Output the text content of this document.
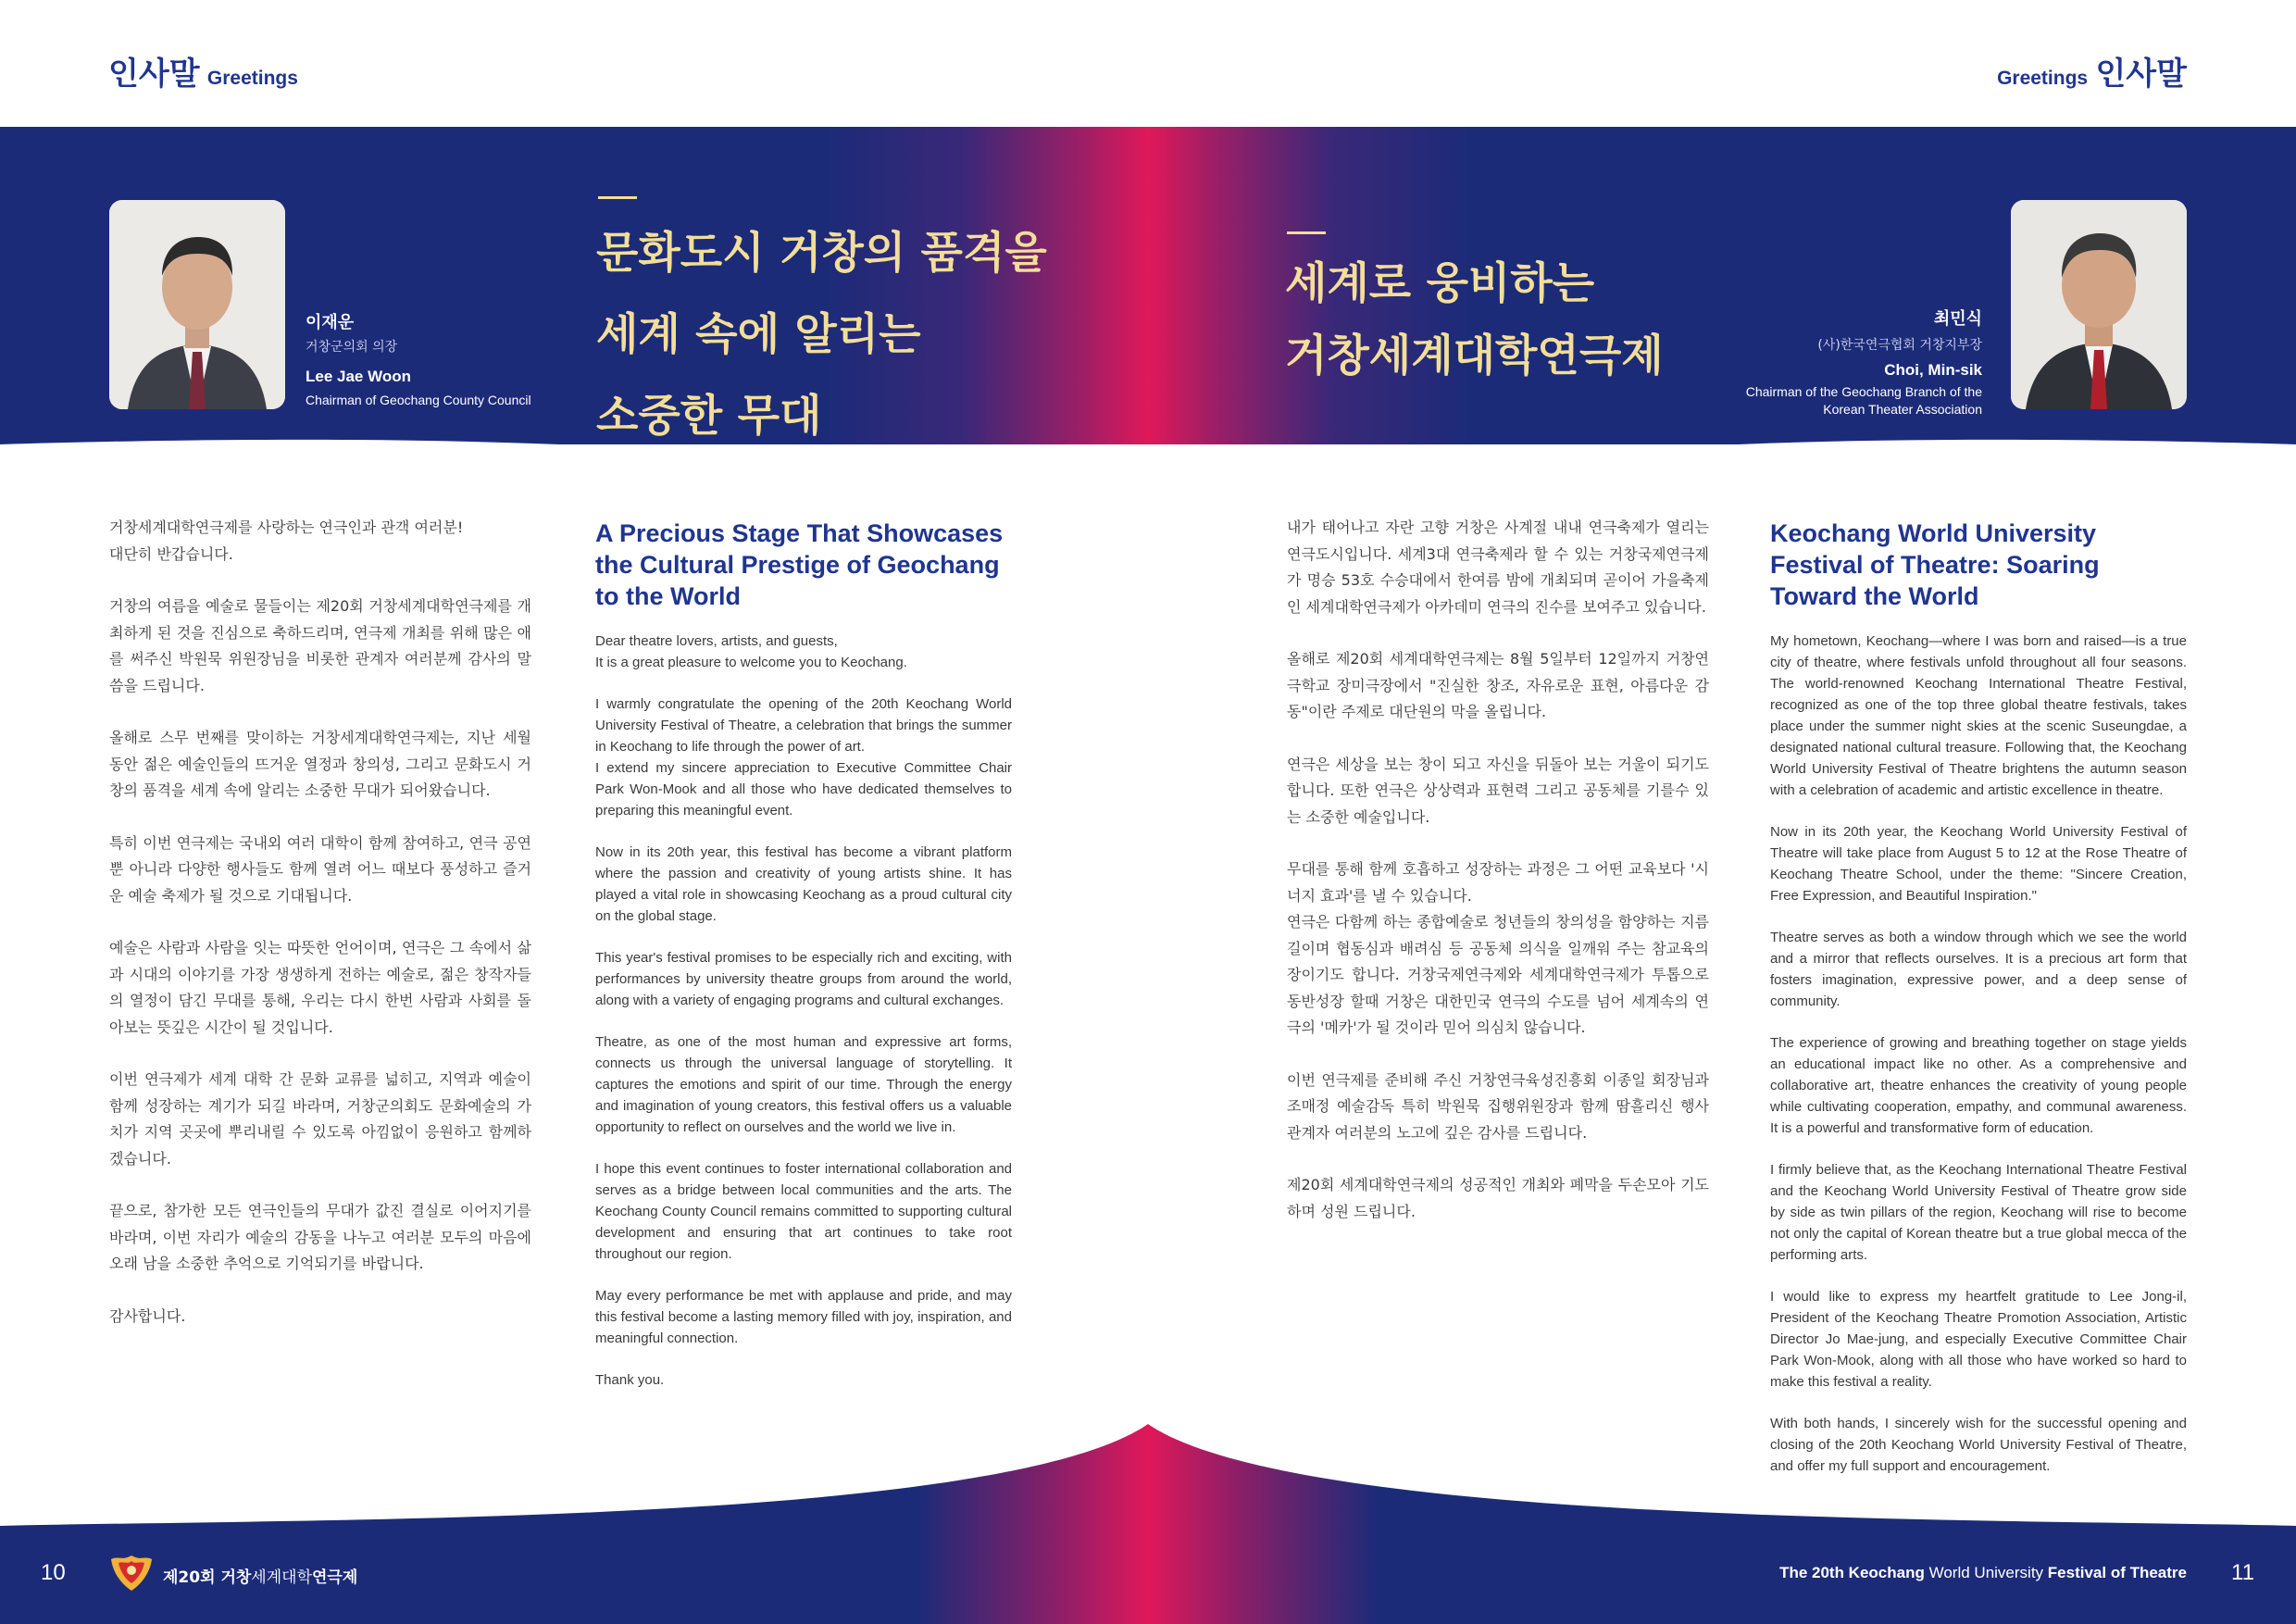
인사말 Greetings	Greetings 인사말
이재운
거창군의회 의장
Lee Jae Woon
Chairman of Geochang County Council
문화도시 거창의 품격을
세계 속에 알리는
소중한 무대
세계로 웅비하는
거창세계대학연극제
최민식
(사)한국연극협회 거창지부장
Choi, Min-sik
Chairman of the Geochang Branch of the
Korean Theater Association

거창세계대학연극제를 사랑하는 연극인과 관객 여러분!
대단히 반갑습니다.

거창의 여름을 예술로 물들이는 제20회 거창세계대학연극제를 개최하게 된 것을 진심으로 축하드리며, 연극제 개최를 위해 많은 애를 써주신 박원묵 위원장님을 비롯한 관계자 여러분께 감사의 말씀을 드립니다.

올해로 스무 번째를 맞이하는 거창세계대학연극제는, 지난 세월 동안 젊은 예술인들의 뜨거운 열정과 창의성, 그리고 문화도시 거창의 품격을 세계 속에 알리는 소중한 무대가 되어왔습니다.

특히 이번 연극제는 국내외 여러 대학이 함께 참여하고, 연극 공연뿐 아니라 다양한 행사들도 함께 열려 어느 때보다 풍성하고 즐거운 예술 축제가 될 것으로 기대됩니다.

예술은 사람과 사람을 잇는 따뜻한 언어이며, 연극은 그 속에서 삶과 시대의 이야기를 가장 생생하게 전하는 예술로, 젊은 창작자들의 열정이 담긴 무대를 통해, 우리는 다시 한번 사람과 사회를 돌아보는 뜻깊은 시간이 될 것입니다.

이번 연극제가 세계 대학 간 문화 교류를 넓히고, 지역과 예술이 함께 성장하는 계기가 되길 바라며, 거창군의회도 문화예술의 가치가 지역 곳곳에 뿌리내릴 수 있도록 아낌없이 응원하고 함께하겠습니다.

끝으로, 참가한 모든 연극인들의 무대가 값진 결실로 이어지기를 바라며, 이번 자리가 예술의 감동을 나누고 여러분 모두의 마음에 오래 남을 소중한 추억으로 기억되기를 바랍니다.

감사합니다.

A Precious Stage That Showcases the Cultural Prestige of Geochang to the World

Dear theatre lovers, artists, and guests,
It is a great pleasure to welcome you to Keochang.

I warmly congratulate the opening of the 20th Keochang World University Festival of Theatre, a celebration that brings the summer in Keochang to life through the power of art.
I extend my sincere appreciation to Executive Committee Chair Park Won-Mook and all those who have dedicated themselves to preparing this meaningful event.

Now in its 20th year, this festival has become a vibrant platform where the passion and creativity of young artists shine. It has played a vital role in showcasing Keochang as a proud cultural city on the global stage.

This year's festival promises to be especially rich and exciting, with performances by university theatre groups from around the world, along with a variety of engaging programs and cultural exchanges.

Theatre, as one of the most human and expressive art forms, connects us through the universal language of storytelling. It captures the emotions and spirit of our time. Through the energy and imagination of young creators, this festival offers us a valuable opportunity to reflect on ourselves and the world we live in.

I hope this event continues to foster international collaboration and serves as a bridge between local communities and the arts. The Keochang County Council remains committed to supporting cultural development and ensuring that art continues to take root throughout our region.

May every performance be met with applause and pride, and may this festival become a lasting memory filled with joy, inspiration, and meaningful connection.

Thank you.

내가 태어나고 자란 고향 거창은 사계절 내내 연극축제가 열리는 연극도시입니다. 세계3대 연극축제라 할 수 있는 거창국제연극제가 명승 53호 수승대에서 한여름 밤에 개최되며 곧이어 가을축제인 세계대학연극제가 아카데미 연극의 진수를 보여주고 있습니다.

올해로 제20회 세계대학연극제는 8월 5일부터 12일까지 거창연극학교 장미극장에서 "진실한 창조, 자유로운 표현, 아름다운 감동"이란 주제로 대단원의 막을 올립니다.

연극은 세상을 보는 창이 되고 자신을 뒤돌아 보는 거울이 되기도 합니다. 또한 연극은 상상력과 표현력 그리고 공동체를 기를수 있는 소중한 예술입니다.

무대를 통해 함께 호흡하고 성장하는 과정은 그 어떤 교육보다 '시너지 효과'를 낼 수 있습니다.
연극은 다함께 하는 종합예술로 청년들의 창의성을 함양하는 지름길이며 협동심과 배려심 등 공동체 의식을 일깨워 주는 참교육의 장이기도 합니다. 거창국제연극제와 세계대학연극제가 투톱으로 동반성장 할때 거창은 대한민국 연극의 수도를 넘어 세계속의 연극의 '메카'가 될 것이라 믿어 의심치 않습니다.

이번 연극제를 준비해 주신 거창연극육성진흥회 이종일 회장님과 조매정 예술감독 특히 박원묵 집행위원장과 함께 땀흘리신 행사 관계자 여러분의 노고에 깊은 감사를 드립니다.

제20회 세계대학연극제의 성공적인 개최와 폐막을 두손모아 기도하며 성원 드립니다.

Keochang World University Festival of Theatre: Soaring Toward the World

My hometown, Keochang—where I was born and raised—is a true city of theatre, where festivals unfold throughout all four seasons. The world-renowned Keochang International Theatre Festival, recognized as one of the top three global theatre festivals, takes place under the summer night skies at the scenic Suseungdae, a designated national cultural treasure. Following that, the Keochang World University Festival of Theatre brightens the autumn season with a celebration of academic and artistic excellence in theatre.

Now in its 20th year, the Keochang World University Festival of Theatre will take place from August 5 to 12 at the Rose Theatre of Keochang Theatre School, under the theme: "Sincere Creation, Free Expression, and Beautiful Inspiration."

Theatre serves as both a window through which we see the world and a mirror that reflects ourselves. It is a precious art form that fosters imagination, expressive power, and a deep sense of community.

The experience of growing and breathing together on stage yields an educational impact like no other. As a comprehensive and collaborative art, theatre enhances the creativity of young people while cultivating cooperation, empathy, and communal awareness. It is a powerful and transformative form of education.

I firmly believe that, as the Keochang International Theatre Festival and the Keochang World University Festival of Theatre grow side by side as twin pillars of the region, Keochang will rise to become not only the capital of Korean theatre but a true global mecca of the performing arts.

I would like to express my heartfelt gratitude to Lee Jong-il, President of the Keochang Theatre Promotion Association, Artistic Director Jo Mae-jung, and especially Executive Committee Chair Park Won-Mook, along with all those who have worked so hard to make this festival a reality.

With both hands, I sincerely wish for the successful opening and closing of the 20th Keochang World University Festival of Theatre, and offer my full support and encouragement.

10	제20회 거창세계대학연극제	The 20th Keochang World University Festival of Theatre 11
